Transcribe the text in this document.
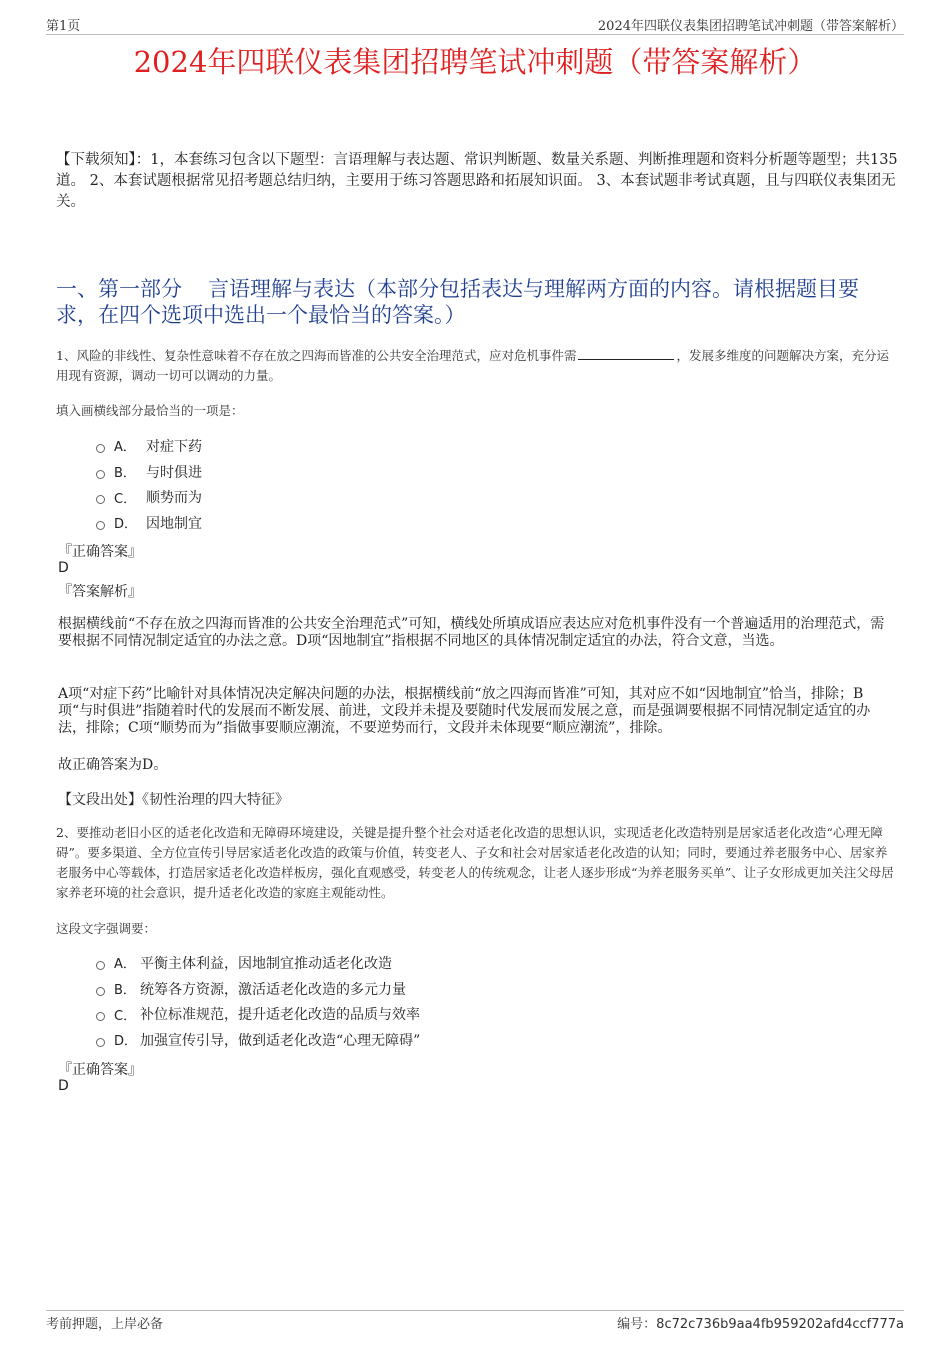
第1页	2024年四联仪表集团招聘笔试冲刺题（带答案解析）
2024年四联仪表集团招聘笔试冲刺题（带答案解析）
【下载须知】：1，本套练习包含以下题型：言语理解与表达题、常识判断题、数量关系题、判断推理题和资料分析题等题型；共135道。 2、本套试题根据常见招考题总结归纳，主要用于练习答题思路和拓展知识面。 3、本套试题非考试真题，且与四联仪表集团无关。
一、第一部分 言语理解与表达（本部分包括表达与理解两方面的内容。请根据题目要求，在四个选项中选出一个最恰当的答案。）
1、风险的非线性、复杂性意味着不存在放之四海而皆准的公共安全治理范式，应对危机事件需	，发展多维度的问题解决方案，充分运用现有资源，调动一切可以调动的力量。
填入画横线部分最恰当的一项是：
A． 对症下药
B． 与时俱进
C． 顺势而为
D． 因地制宜
『正确答案』
D
『答案解析』
根据横线前“不存在放之四海而皆准的公共安全治理范式”可知，横线处所填成语应表达应对危机事件没有一个普遍适用的治理范式，需要根据不同情况制定适宜的办法之意。D项“因地制宜”指根据不同地区的具体情况制定适宜的办法，符合文意，当选。
A项“对症下药”比喻针对具体情况决定解决问题的办法，根据横线前“放之四海而皆准”可知，其对应不如“因地制宜”恰当，排除；B项“与时俱进”指随着时代的发展而不断发展、前进，文段并未提及要随时代发展而发展之意，而是强调要根据不同情况制定适宜的办法，排除；C项“顺势而为”指做事要顺应潮流，不要逆势而行，文段并未体现要“顺应潮流”，排除。
故正确答案为D。
【文段出处】《韧性治理的四大特征》
2、要推动老旧小区的适老化改造和无障碍环境建设，关键是提升整个社会对适老化改造的思想认识，实现适老化改造特别是居家适老化改造“心理无障碍”。要多渠道、全方位宣传引导居家适老化改造的政策与价值，转变老人、子女和社会对居家适老化改造的认知；同时，要通过养老服务中心、居家养老服务中心等载体，打造居家适老化改造样板房，强化直观感受，转变老人的传统观念，让老人逐步形成“为养老服务买单”、让子女形成更加关注父母居家养老环境的社会意识，提升适老化改造的家庭主观能动性。
这段文字强调要：
A． 平衡主体利益，因地制宜推动适老化改造
B． 统筹各方资源，激活适老化改造的多元力量
C． 补位标准规范，提升适老化改造的品质与效率
D． 加强宣传引导，做到适老化改造“心理无障碍”
『正确答案』
D
考前押题，上岸必备	编号：8c72c736b9aa4fb959202afd4ccf777a
